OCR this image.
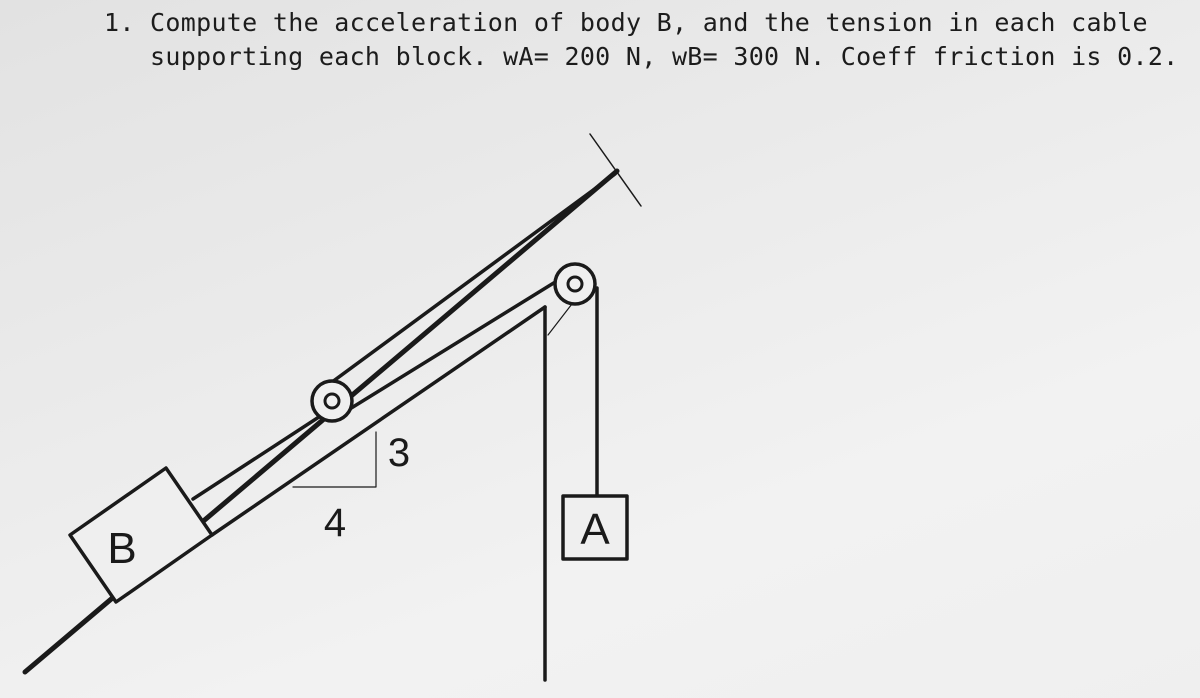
1. Compute the acceleration of body B, and the tension in each cable
supporting each block. wA= 200 N, wB= 300 N. Coeff friction is 0.2.
B	A
3
4
